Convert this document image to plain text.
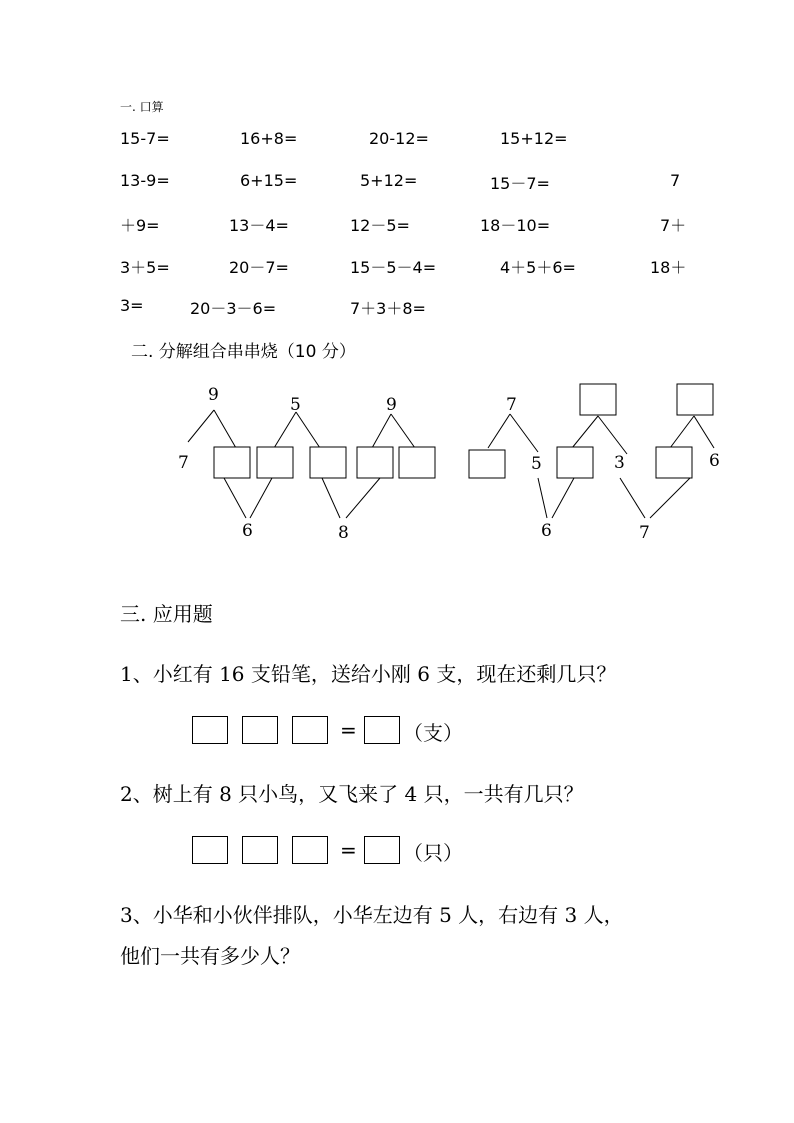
一. 口算
15-7=	16+8=	20-12=	15+12=
13-9=	6+15=	5+12=	15－7=	7
＋9=	13－4=	12－5=	18－10=	7＋
3＋5=	20－7=	15－5－4=	4＋5＋6=	18＋
3=	20－3－6=	7＋3＋8=
二. 分解组合串串烧（10 分）
9
7
5	9
6	8
7
5	3	6
6	7
三. 应用题
1、小红有 16 支铅笔，送给小刚 6 支，现在还剩几只？
= （支）
2、树上有 8 只小鸟，又飞来了 4 只，一共有几只？
= （只）
3、小华和小伙伴排队，小华左边有 5 人，右边有 3 人，
他们一共有多少人？
